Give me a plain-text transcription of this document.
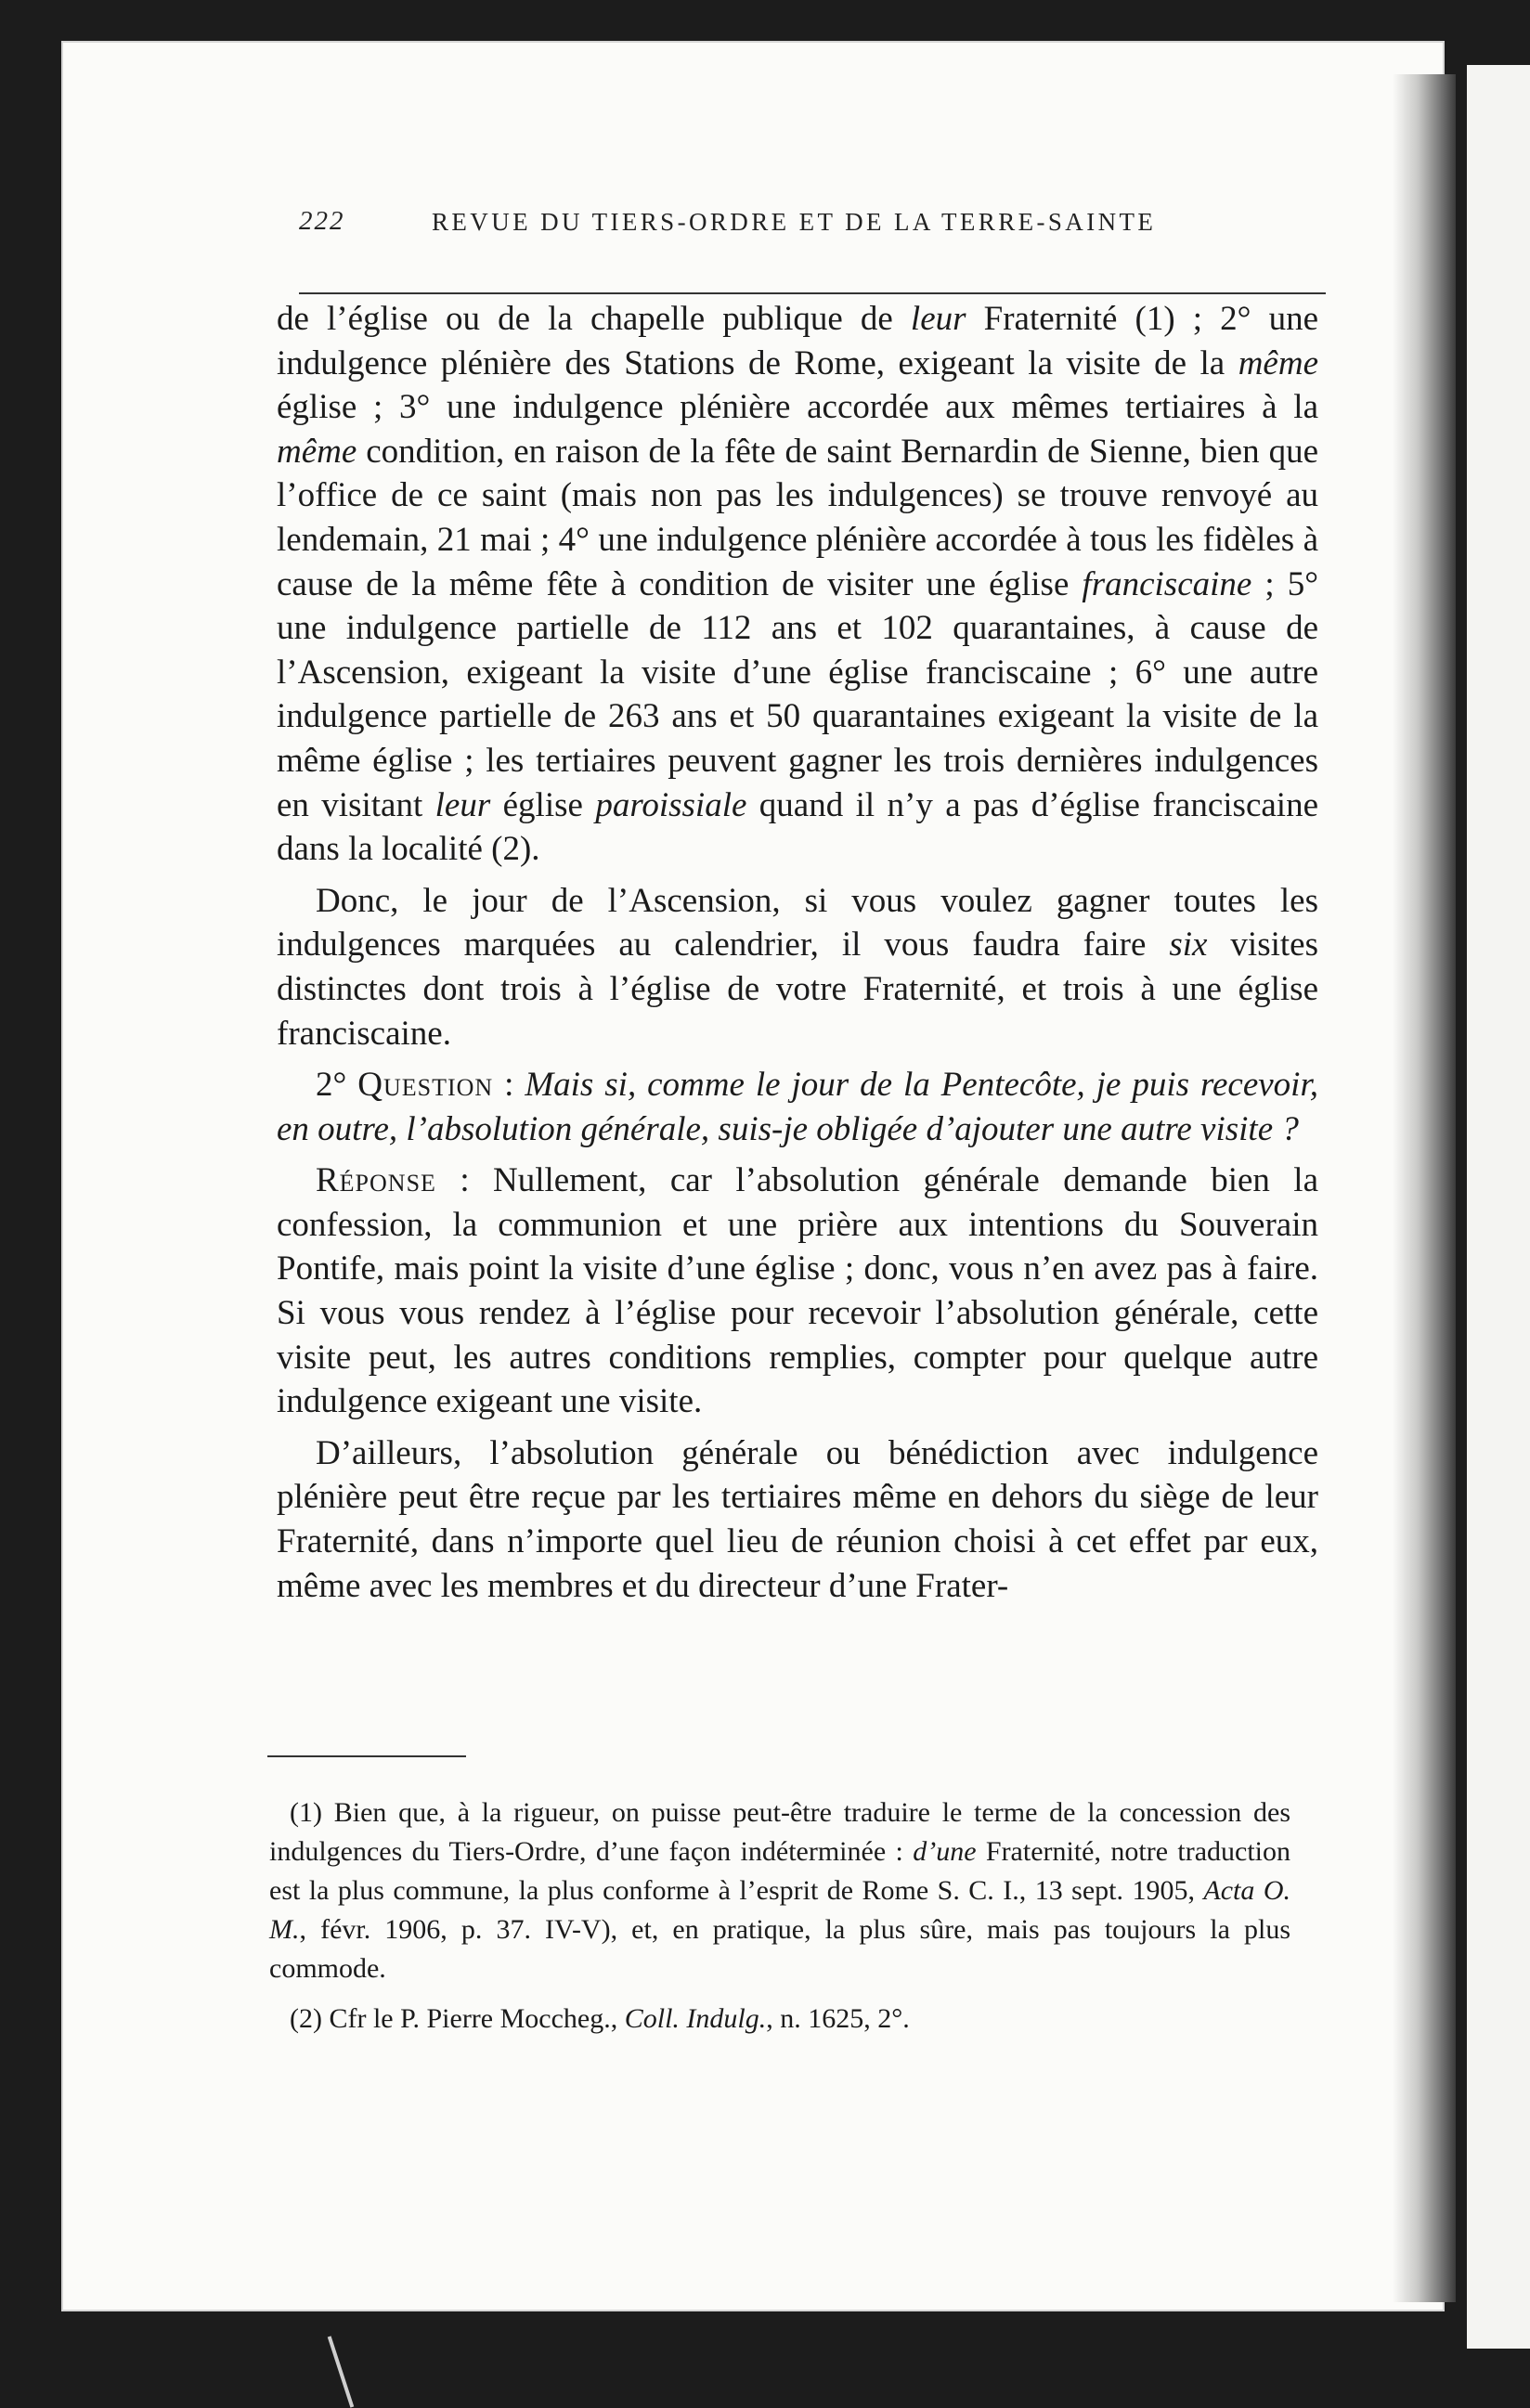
222	REVUE DU TIERS-ORDRE ET DE LA TERRE-SAINTE

de l’église ou de la chapelle publique de leur Fraternité (1) ; 2° une indulgence plénière des Stations de Rome, exigeant la visite de la même église ; 3° une indulgence plénière accordée aux mêmes tertiaires à la même condition, en raison de la fête de saint Bernardin de Sienne, bien que l’office de ce saint (mais non pas les indulgences) se trouve renvoyé au lendemain, 21 mai ; 4° une indulgence plénière accordée à tous les fidèles à cause de la même fête à condition de visiter une église franciscaine ; 5° une indulgence partielle de 112 ans et 102 quarantaines, à cause de l’Ascension, exigeant la visite d’une église franciscaine ; 6° une autre indulgence partielle de 263 ans et 50 quarantaines exigeant la visite de la même église ; les tertiaires peuvent gagner les trois dernières indulgences en visitant leur église paroissiale quand il n’y a pas d’église franciscaine dans la localité (2).

Donc, le jour de l’Ascension, si vous voulez gagner toutes les indulgences marquées au calendrier, il vous faudra faire six visites distinctes dont trois à l’église de votre Fraternité, et trois à une église franciscaine.

2° Question : Mais si, comme le jour de la Pentecôte, je puis recevoir, en outre, l’absolution générale, suis-je obligée d’ajouter une autre visite ?

Réponse : Nullement, car l’absolution générale demande bien la confession, la communion et une prière aux intentions du Souverain Pontife, mais point la visite d’une église ; donc, vous n’en avez pas à faire. Si vous vous rendez à l’église pour recevoir l’absolution générale, cette visite peut, les autres conditions remplies, compter pour quelque autre indulgence exigeant une visite.

D’ailleurs, l’absolution générale ou bénédiction avec indulgence plénière peut être reçue par les tertiaires même en dehors du siège de leur Fraternité, dans n’importe quel lieu de réunion choisi à cet effet par eux, même avec les membres et du directeur d’une Frater-

(1) Bien que, à la rigueur, on puisse peut-être traduire le terme de la concession des indulgences du Tiers-Ordre, d’une façon indéterminée : d’une Fraternité, notre traduction est la plus commune, la plus conforme à l’esprit de Rome S. C. I., 13 sept. 1905, Acta O. M., févr. 1906, p. 37. IV-V), et, en pratique, la plus sûre, mais pas toujours la plus commode.

(2) Cfr le P. Pierre Moccheg., Coll. Indulg., n. 1625, 2°.
